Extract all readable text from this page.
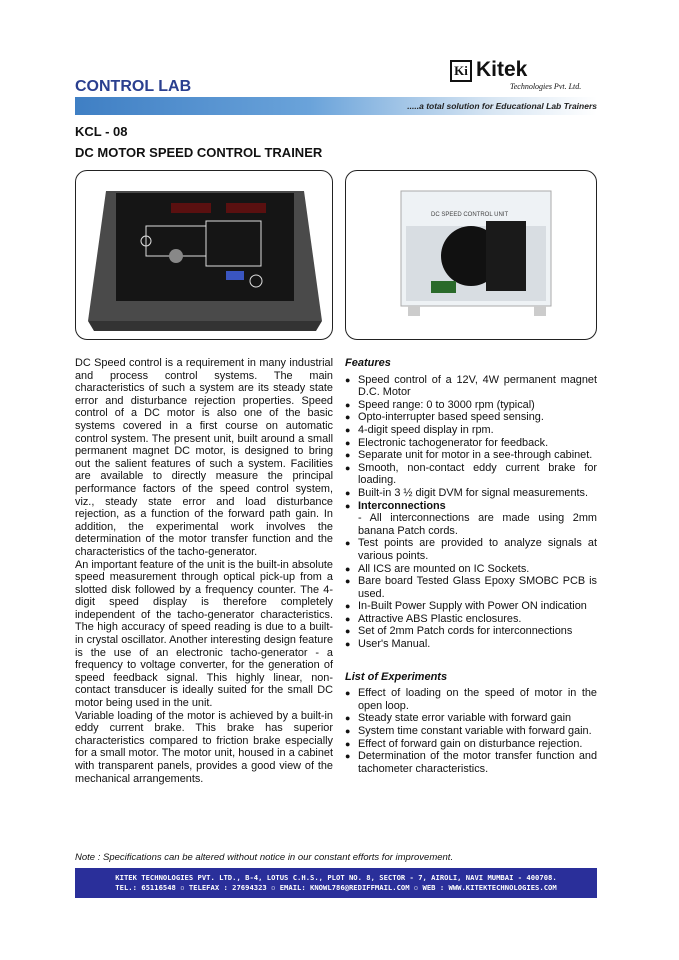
Ki Kitek
Technologies Pvt. Ltd.
CONTROL LAB
.....a total solution for Educational Lab Trainers
KCL - 08
DC MOTOR SPEED CONTROL TRAINER
DC SPEED CONTROL UNIT

DC Speed control is a requirement in many industrial and process control systems. The main characteristics of such a system are its steady state error and disturbance rejection properties. Speed control of a DC motor is also one of the basic systems covered in a first course on automatic control system. The present unit, built around a small permanent magnet DC motor, is designed to bring out the salient features of such a system. Facilities are available to directly measure the principal performance factors of the speed control system, viz., steady state error and load disturbance rejection, as a function of the forward path gain. In addition, the experimental work involves the determination of the motor transfer function and the characteristics of the tacho-generator.

An important feature of the unit is the built-in absolute speed measurement through optical pick-up from a slotted disk followed by a frequency counter. The 4-digit speed display is therefore completely independent of the tacho-generator characteristics. The high accuracy of speed reading is due to a built-in crystal oscillator. Another interesting design feature is the use of an electronic tacho-generator - a frequency to voltage converter, for the generation of speed feedback signal. This highly linear, non-contact transducer is ideally suited for the small DC motor being used in the unit.

Variable loading of the motor is achieved by a built-in eddy current brake. This brake has superior characteristics compared to friction brake especially for a small motor. The motor unit, housed in a cabinet with transparent panels, provides a good view of the mechanical arrangements.

Features
● Speed control of a 12V, 4W permanent magnet D.C. Motor
● Speed range: 0 to 3000 rpm (typical)
● Opto-interrupter based speed sensing.
● 4-digit speed display in rpm.
● Electronic tachogenerator for feedback.
● Separate unit for motor in a see-through cabinet.
● Smooth, non-contact eddy current brake for loading.
● Built-in 3 ½ digit DVM for signal measurements.
● Interconnections
- All interconnections are made using 2mm banana Patch cords.
● Test points are provided to analyze signals at various points.
● All ICS are mounted on IC Sockets.
● Bare board Tested Glass Epoxy SMOBC PCB is used.
● In-Built Power Supply with Power ON indication
● Attractive ABS Plastic enclosures.
● Set of 2mm Patch cords for interconnections
● User's Manual.
List of Experiments
● Effect of loading on the speed of motor in the open loop.
● Steady state error variable with forward gain
● System time constant variable with forward gain.
● Effect of forward gain on disturbance rejection.
● Determination of the motor transfer function and tachometer characteristics.
Note : Specifications can be altered without notice in our constant efforts for improvement.
KITEK TECHNOLOGIES PVT. LTD., B-4, LOTUS C.H.S., PLOT NO. 8, SECTOR - 7, AIROLI, NAVI MUMBAI - 400708.
TEL.: 65116548 ▫ TELEFAX : 27694323 ▫ EMAIL: KNOWL786@REDIFFMAIL.COM ▫ WEB : WWW.KITEKTECHNOLOGIES.COM
